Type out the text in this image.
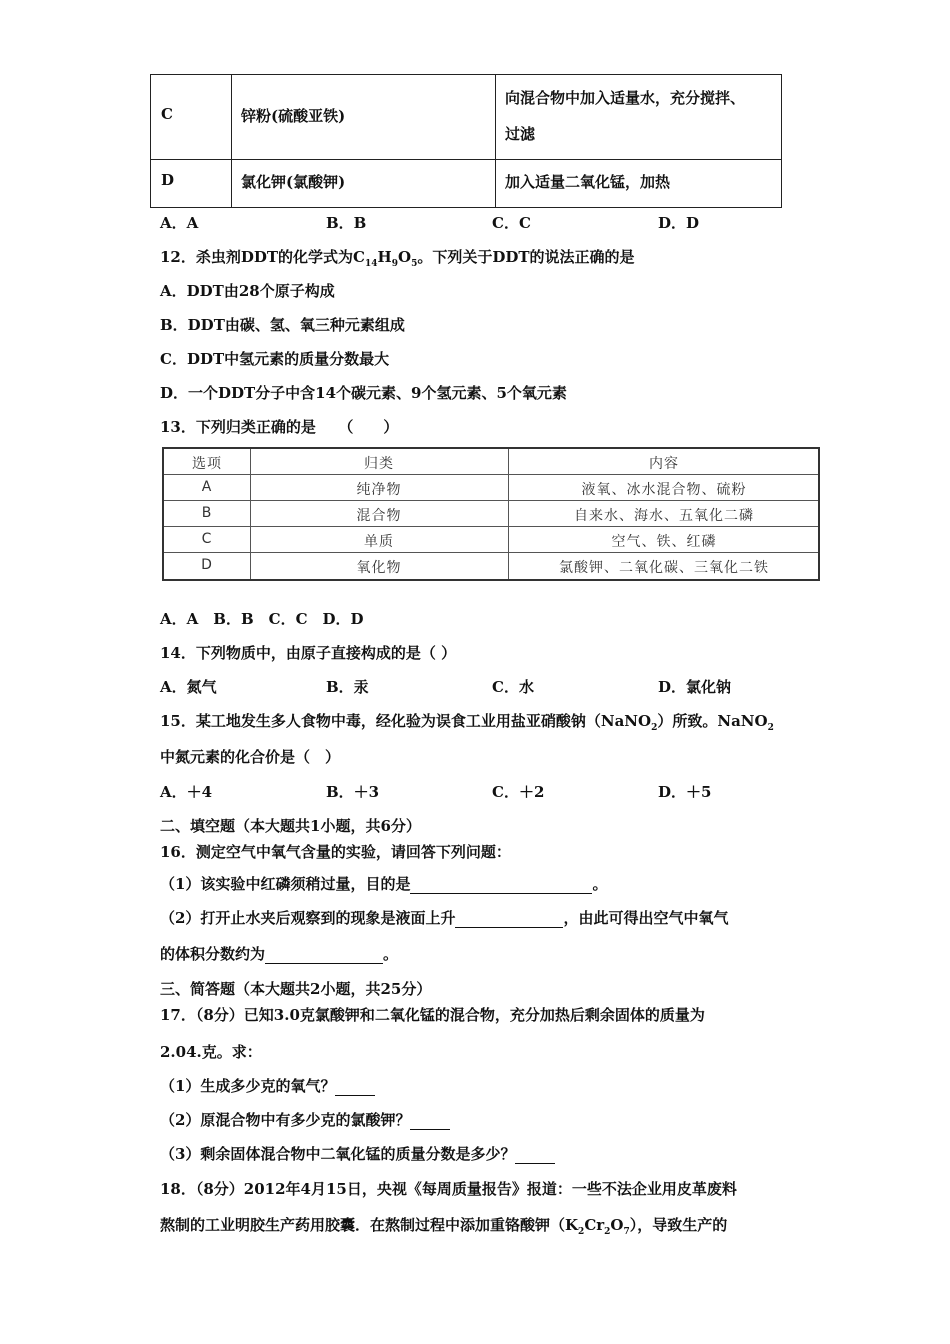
C	锌粉(硫酸亚铁)
向混合物中加入适量水，充分搅拌、
过滤
D	氯化钾(氯酸钾)	加入适量二氧化锰，加热
A．A	B．B	C．C	D．D
12．杀虫剂DDT的化学式为$C_{14}H_9O_5$。下列关于DDT的说法正确的是
A．DDT由28个原子构成
B．DDT由碳、氢、氧三种元素组成
C．DDT中氢元素的质量分数最大
D．一个DDT分子中含14个碳元素、9个氢元素、5个氧元素
13．下列归类正确的是　　（　　）
选项	归类	内容
A	纯净物	液氧、冰水混合物、硫粉
B	混合物	自来水、海水、五氧化二磷
C	单质	空气、铁、红磷
D	氧化物	氯酸钾、二氧化碳、三氧化二铁
A．A　B．B　C．C　D．D
14．下列物质中，由原子直接构成的是（ ）
A．氮气	B．汞	C．水	D．氯化钠
15．某工地发生多人食物中毒，经化验为误食工业用盐亚硝酸钠（NaNO$_2$）所致。NaNO$_2$
中氮元素的化合价是（　）
A．＋4	B．＋3	C．＋2	D．＋5
二、填空题（本大题共1小题，共6分）
16．测定空气中氧气含量的实验，请回答下列问题：
（1）该实验中红磷须稍过量，目的是	。
（2）打开止水夹后观察到的现象是液面上升	，由此可得出空气中氧气
的体积分数约为	。
三、简答题（本大题共2小题，共25分）
17．（8分）已知3.0克氯酸钾和二氧化锰的混合物，充分加热后剩余固体的质量为
2.04.克。求：
（1）生成多少克的氧气？
（2）原混合物中有多少克的氯酸钾？
（3）剩余固体混合物中二氧化锰的质量分数是多少？
18．（8分）2012年4月15日，央视《每周质量报告》报道：一些不法企业用皮革废料
熬制的工业明胶生产药用胶囊．在熬制过程中添加重铬酸钾$(K_2Cr_2O_7)$，导致生产的
